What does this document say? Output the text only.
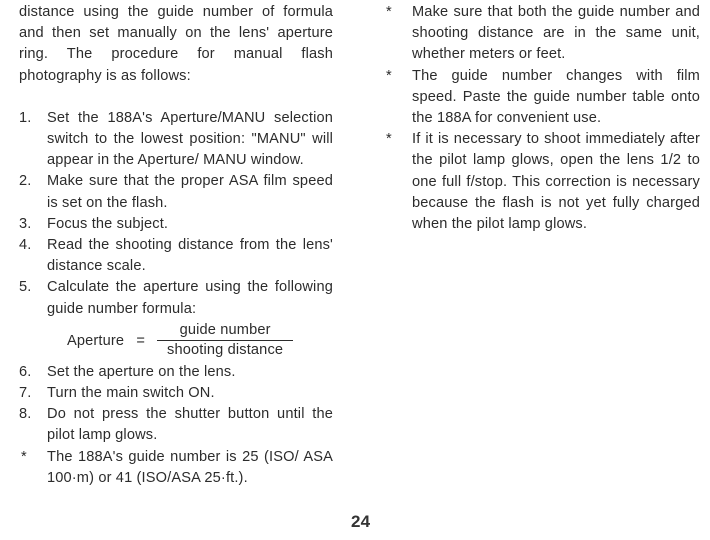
distance using the guide number of formula and then set manually on the lens' aperture ring. The procedure for manual flash photography is as follows:

1. Set the 188A's Aperture/MANU selection switch to the lowest position: "MANU" will appear in the Aperture/ MANU window.
2. Make sure that the proper ASA film speed is set on the flash.
3. Focus the subject.
4. Read the shooting distance from the lens' distance scale.
5. Calculate the aperture using the following guide number formula:
Aperture = $\frac{\text{guide number}}{\text{shooting distance}}$
6. Set the aperture on the lens.
7. Turn the main switch ON.
8. Do not press the shutter button until the pilot lamp glows.
* The 188A's guide number is 25 (ISO/ ASA 100·m) or 41 (ISO/ASA 25·ft.).
* Make sure that both the guide number and shooting distance are in the same unit, whether meters or feet.
* The guide number changes with film speed. Paste the guide number table onto the 188A for convenient use.
* If it is necessary to shoot immediately after the pilot lamp glows, open the lens 1/2 to one full f/stop. This correction is necessary because the flash is not yet fully charged when the pilot lamp glows.
24
